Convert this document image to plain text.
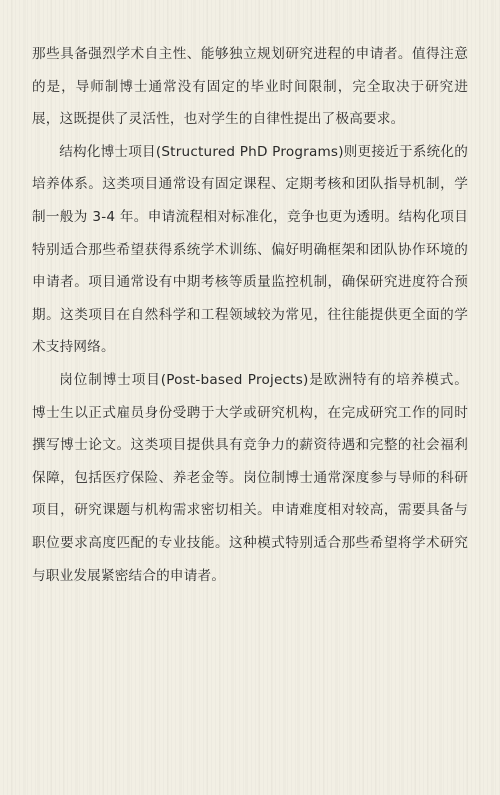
那些具备强烈学术自主性、能够独立规划研究进程的申请者。值得注意的是，导师制博士通常没有固定的毕业时间限制，完全取决于研究进展，这既提供了灵活性，也对学生的自律性提出了极高要求。

结构化博士项目(Structured PhD Programs)则更接近于系统化的培养体系。这类项目通常设有固定课程、定期考核和团队指导机制，学制一般为 3-4 年。申请流程相对标准化，竞争也更为透明。结构化项目特别适合那些希望获得系统学术训练、偏好明确框架和团队协作环境的申请者。项目通常设有中期考核等质量监控机制，确保研究进度符合预期。这类项目在自然科学和工程领域较为常见，往往能提供更全面的学术支持网络。

岗位制博士项目(Post-based Projects)是欧洲特有的培养模式。博士生以正式雇员身份受聘于大学或研究机构，在完成研究工作的同时撰写博士论文。这类项目提供具有竞争力的薪资待遇和完整的社会福利保障，包括医疗保险、养老金等。岗位制博士通常深度参与导师的科研项目，研究课题与机构需求密切相关。申请难度相对较高，需要具备与职位要求高度匹配的专业技能。这种模式特别适合那些希望将学术研究与职业发展紧密结合的申请者。
